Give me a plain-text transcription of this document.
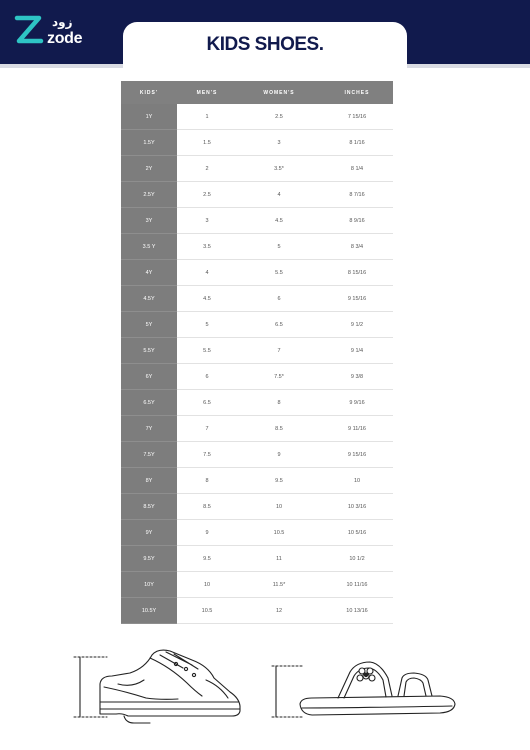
زود
zode	KIDS SHOES.
KIDS'	MEN'S	WOMEN'S	INCHES
1Y	1	2.5	7 15/16
1.5Y	1.5	3	8 1/16
2Y	2	3.5*	8 1/4
2.5Y	2.5	4	8 7/16
3Y	3	4.5	8 9/16
3.5 Y	3.5	5	8 3/4
4Y	4	5.5	8 15/16
4.5Y	4.5	6	9 15/16
5Y	5	6.5	9 1/2
5.5Y	5.5	7	9 1/4
6Y	6	7.5*	9 3/8
6.5Y	6.5	8	9 9/16
7Y	7	8.5	9 11/16
7.5Y	7.5	9	9 15/16
8Y	8	9.5	10
8.5Y	8.5	10	10 3/16
9Y	9	10.5	10 5/16
9.5Y	9.5	11	10 1/2
10Y	10	11.5*	10 11/16
10.5Y	10.5	12	10 13/16
